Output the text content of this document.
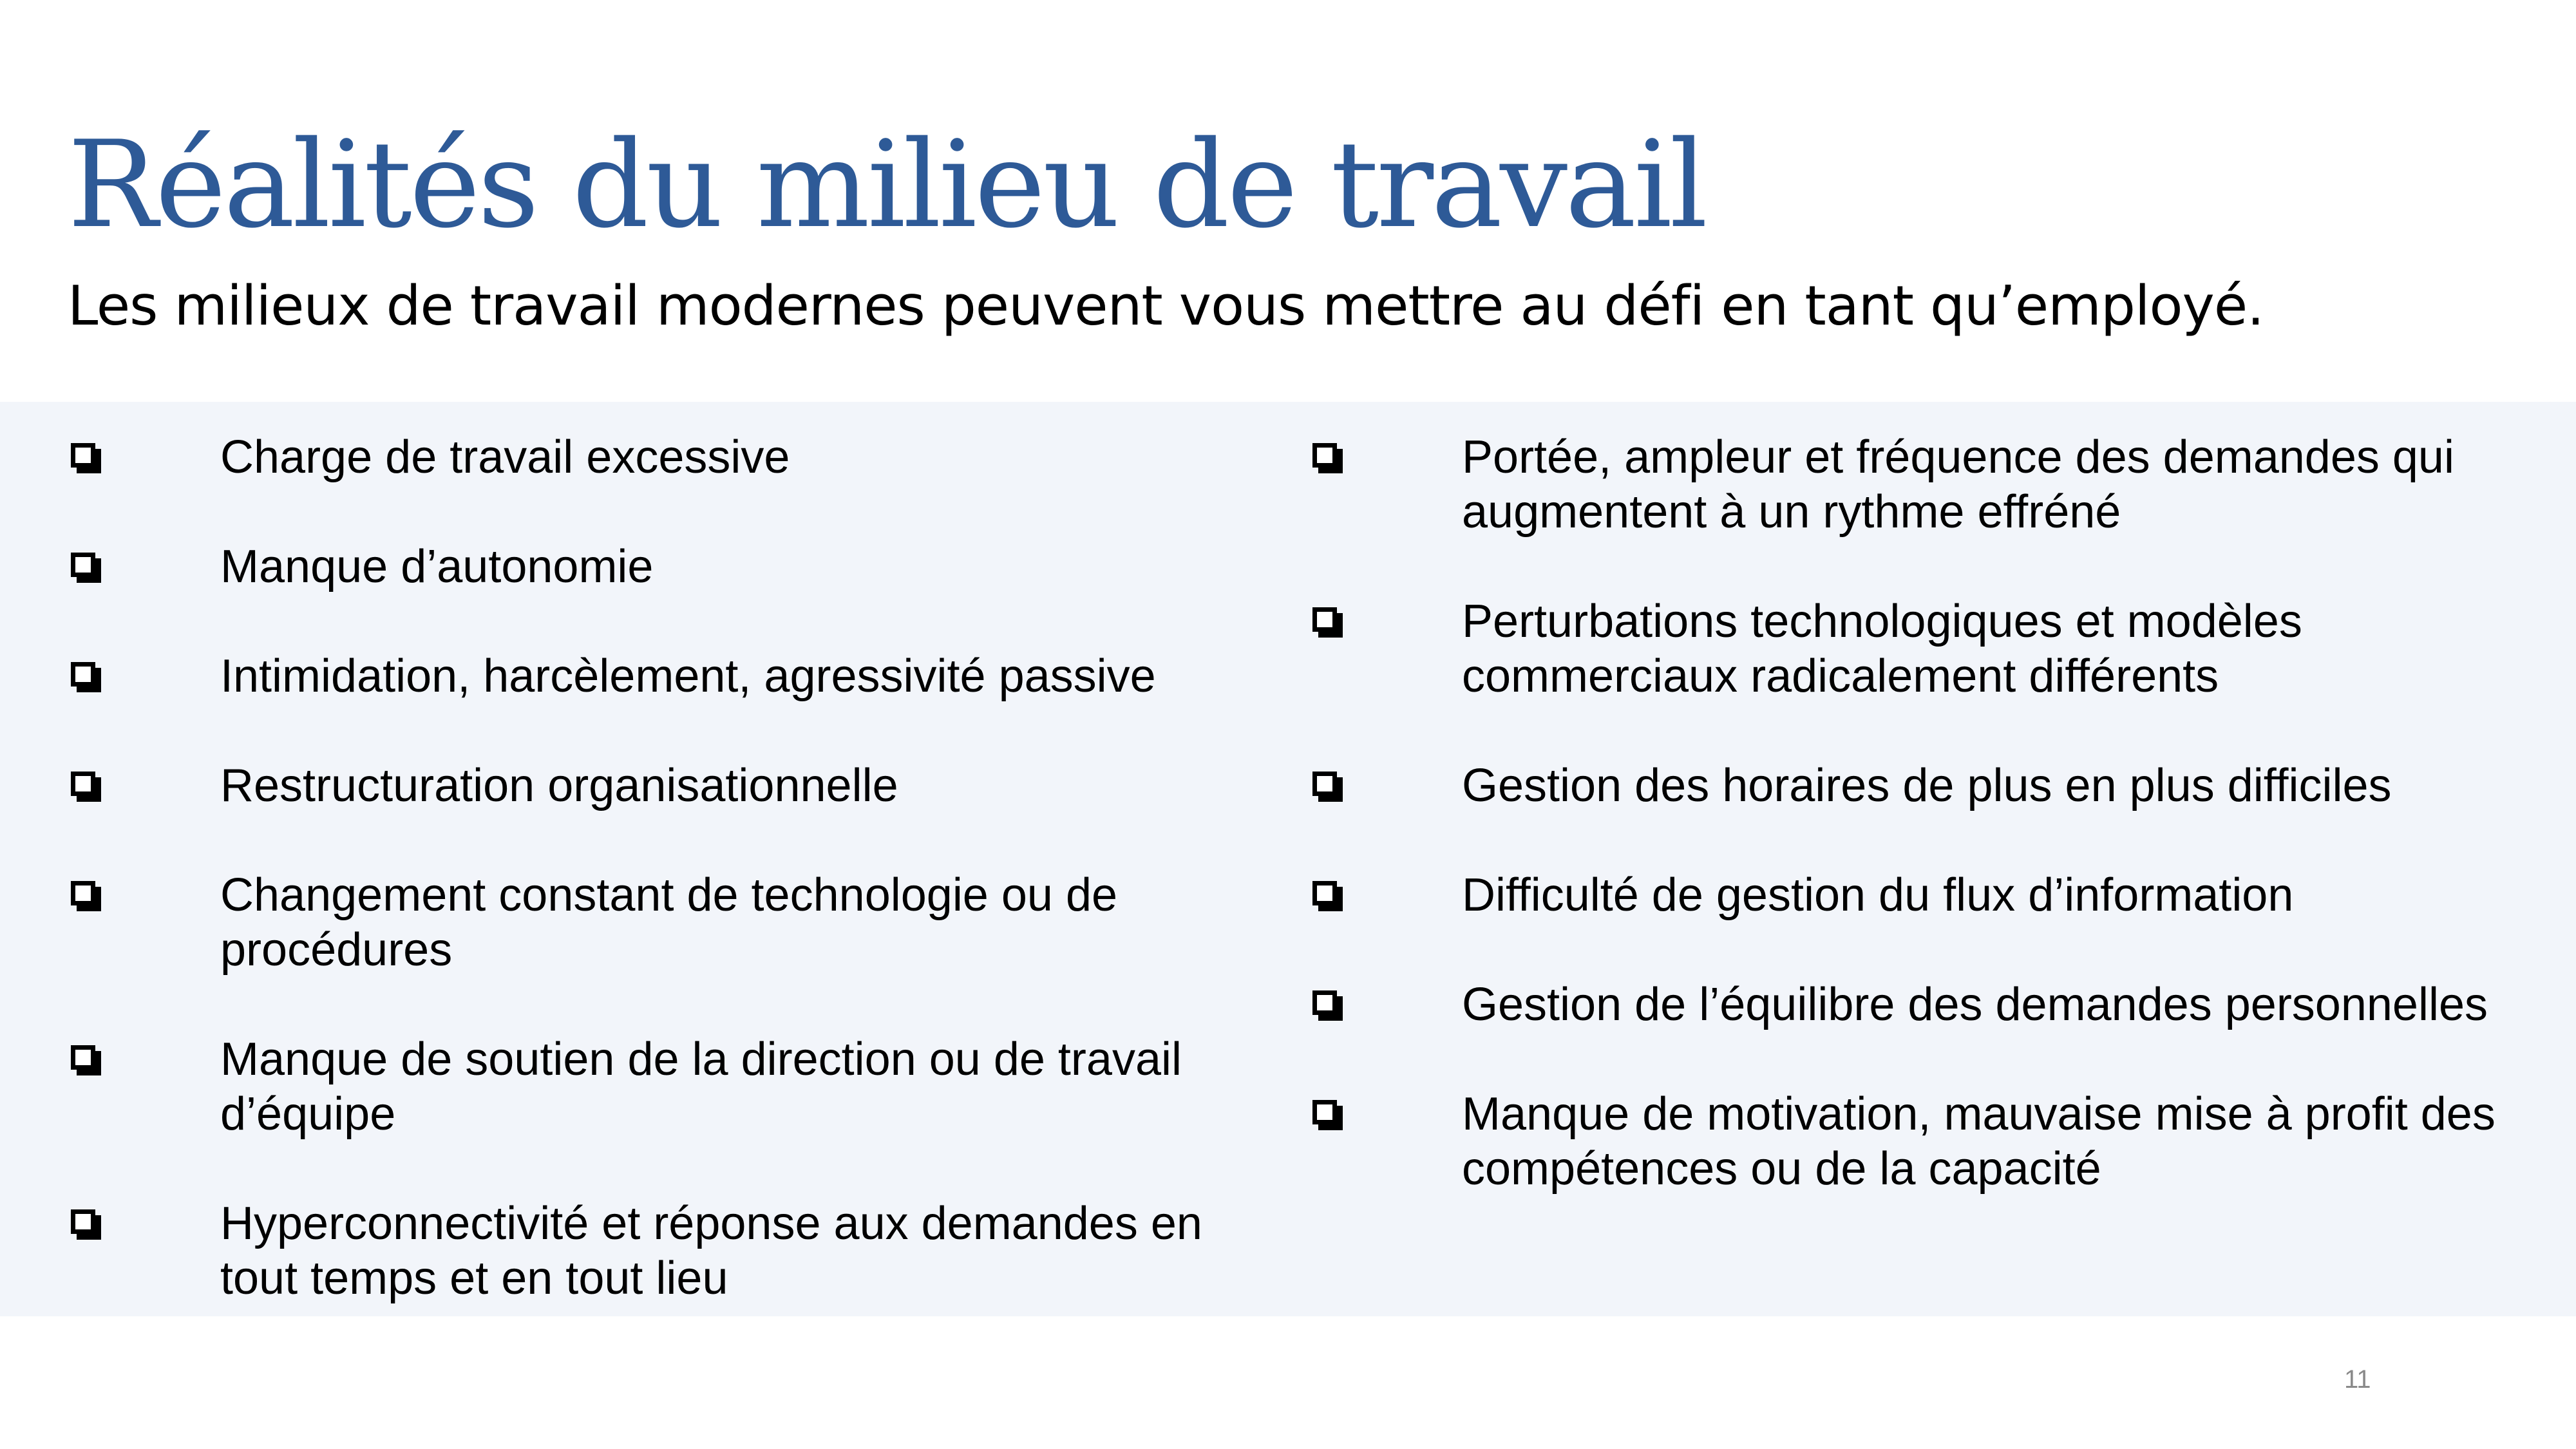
Réalités du milieu de travail

Les milieux de travail modernes peuvent vous mettre au défi en tant qu’employé.

Charge de travail excessive
Manque d’autonomie
Intimidation, harcèlement, agressivité passive
Restructuration organisationnelle
Changement constant de technologie ou de
procédures
Manque de soutien de la direction ou de travail
d’équipe
Hyperconnectivité et réponse aux demandes en
tout temps et en tout lieu
Portée, ampleur et fréquence des demandes qui
augmentent à un rythme effréné
Perturbations technologiques et modèles
commerciaux radicalement différents
Gestion des horaires de plus en plus difficiles
Difficulté de gestion du flux d’information
Gestion de l’équilibre des demandes personnelles
Manque de motivation, mauvaise mise à profit des
compétences ou de la capacité
11
